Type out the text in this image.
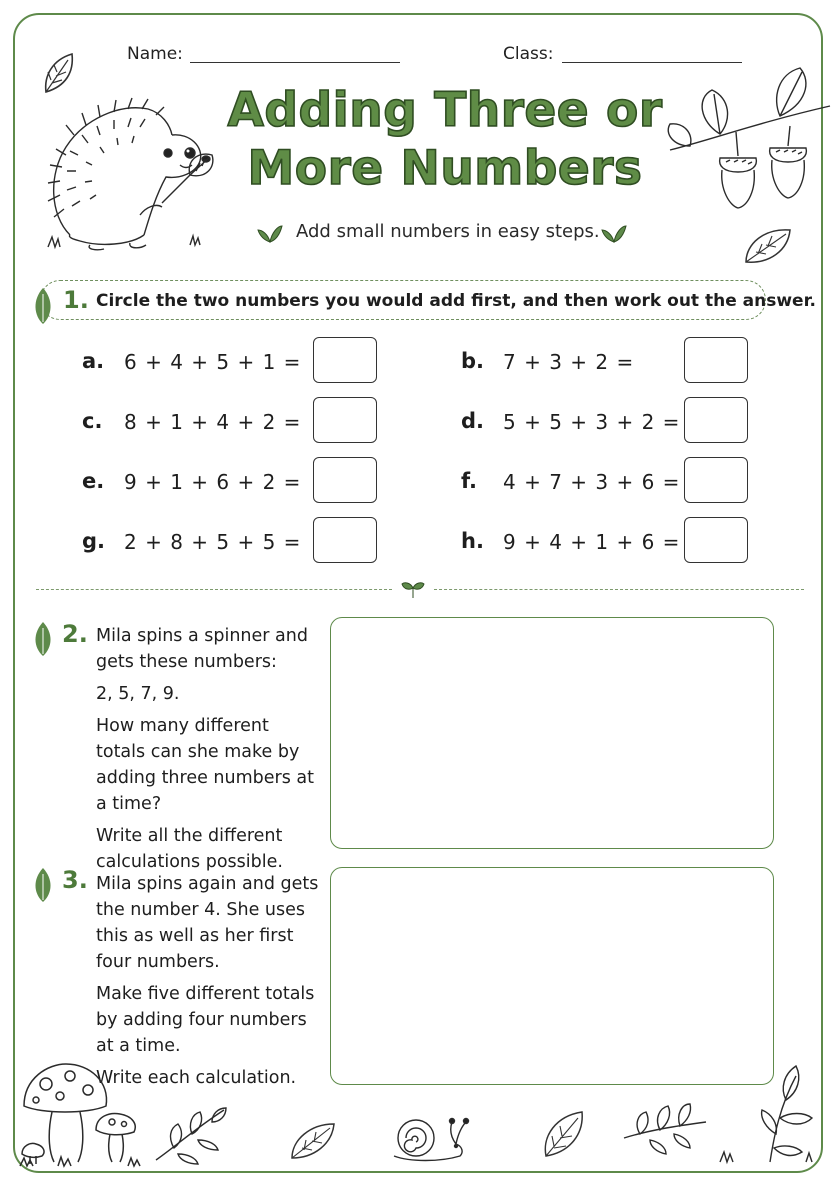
Name:	Class:
Adding Three or
More Numbers
Add small numbers in easy steps.
1. Circle the two numbers you would add first, and then work out the answer.
a. 6 + 4 + 5 + 1 =
c. 8 + 1 + 4 + 2 =
e. 9 + 1 + 6 + 2 =
g. 2 + 8 + 5 + 5 =
b. 7 + 3 + 2 =
d. 5 + 5 + 3 + 2 =
f. 4 + 7 + 3 + 6 =
h. 9 + 4 + 1 + 6 =
2. Mila spins a spinner and gets these numbers:

2, 5, 7, 9.

How many different totals can she make by adding three numbers at a time?

Write all the different calculations possible.

3. Mila spins again and gets the number 4. She uses this as well as her first four numbers.

Make five different totals by adding four numbers at a time.

Write each calculation.
